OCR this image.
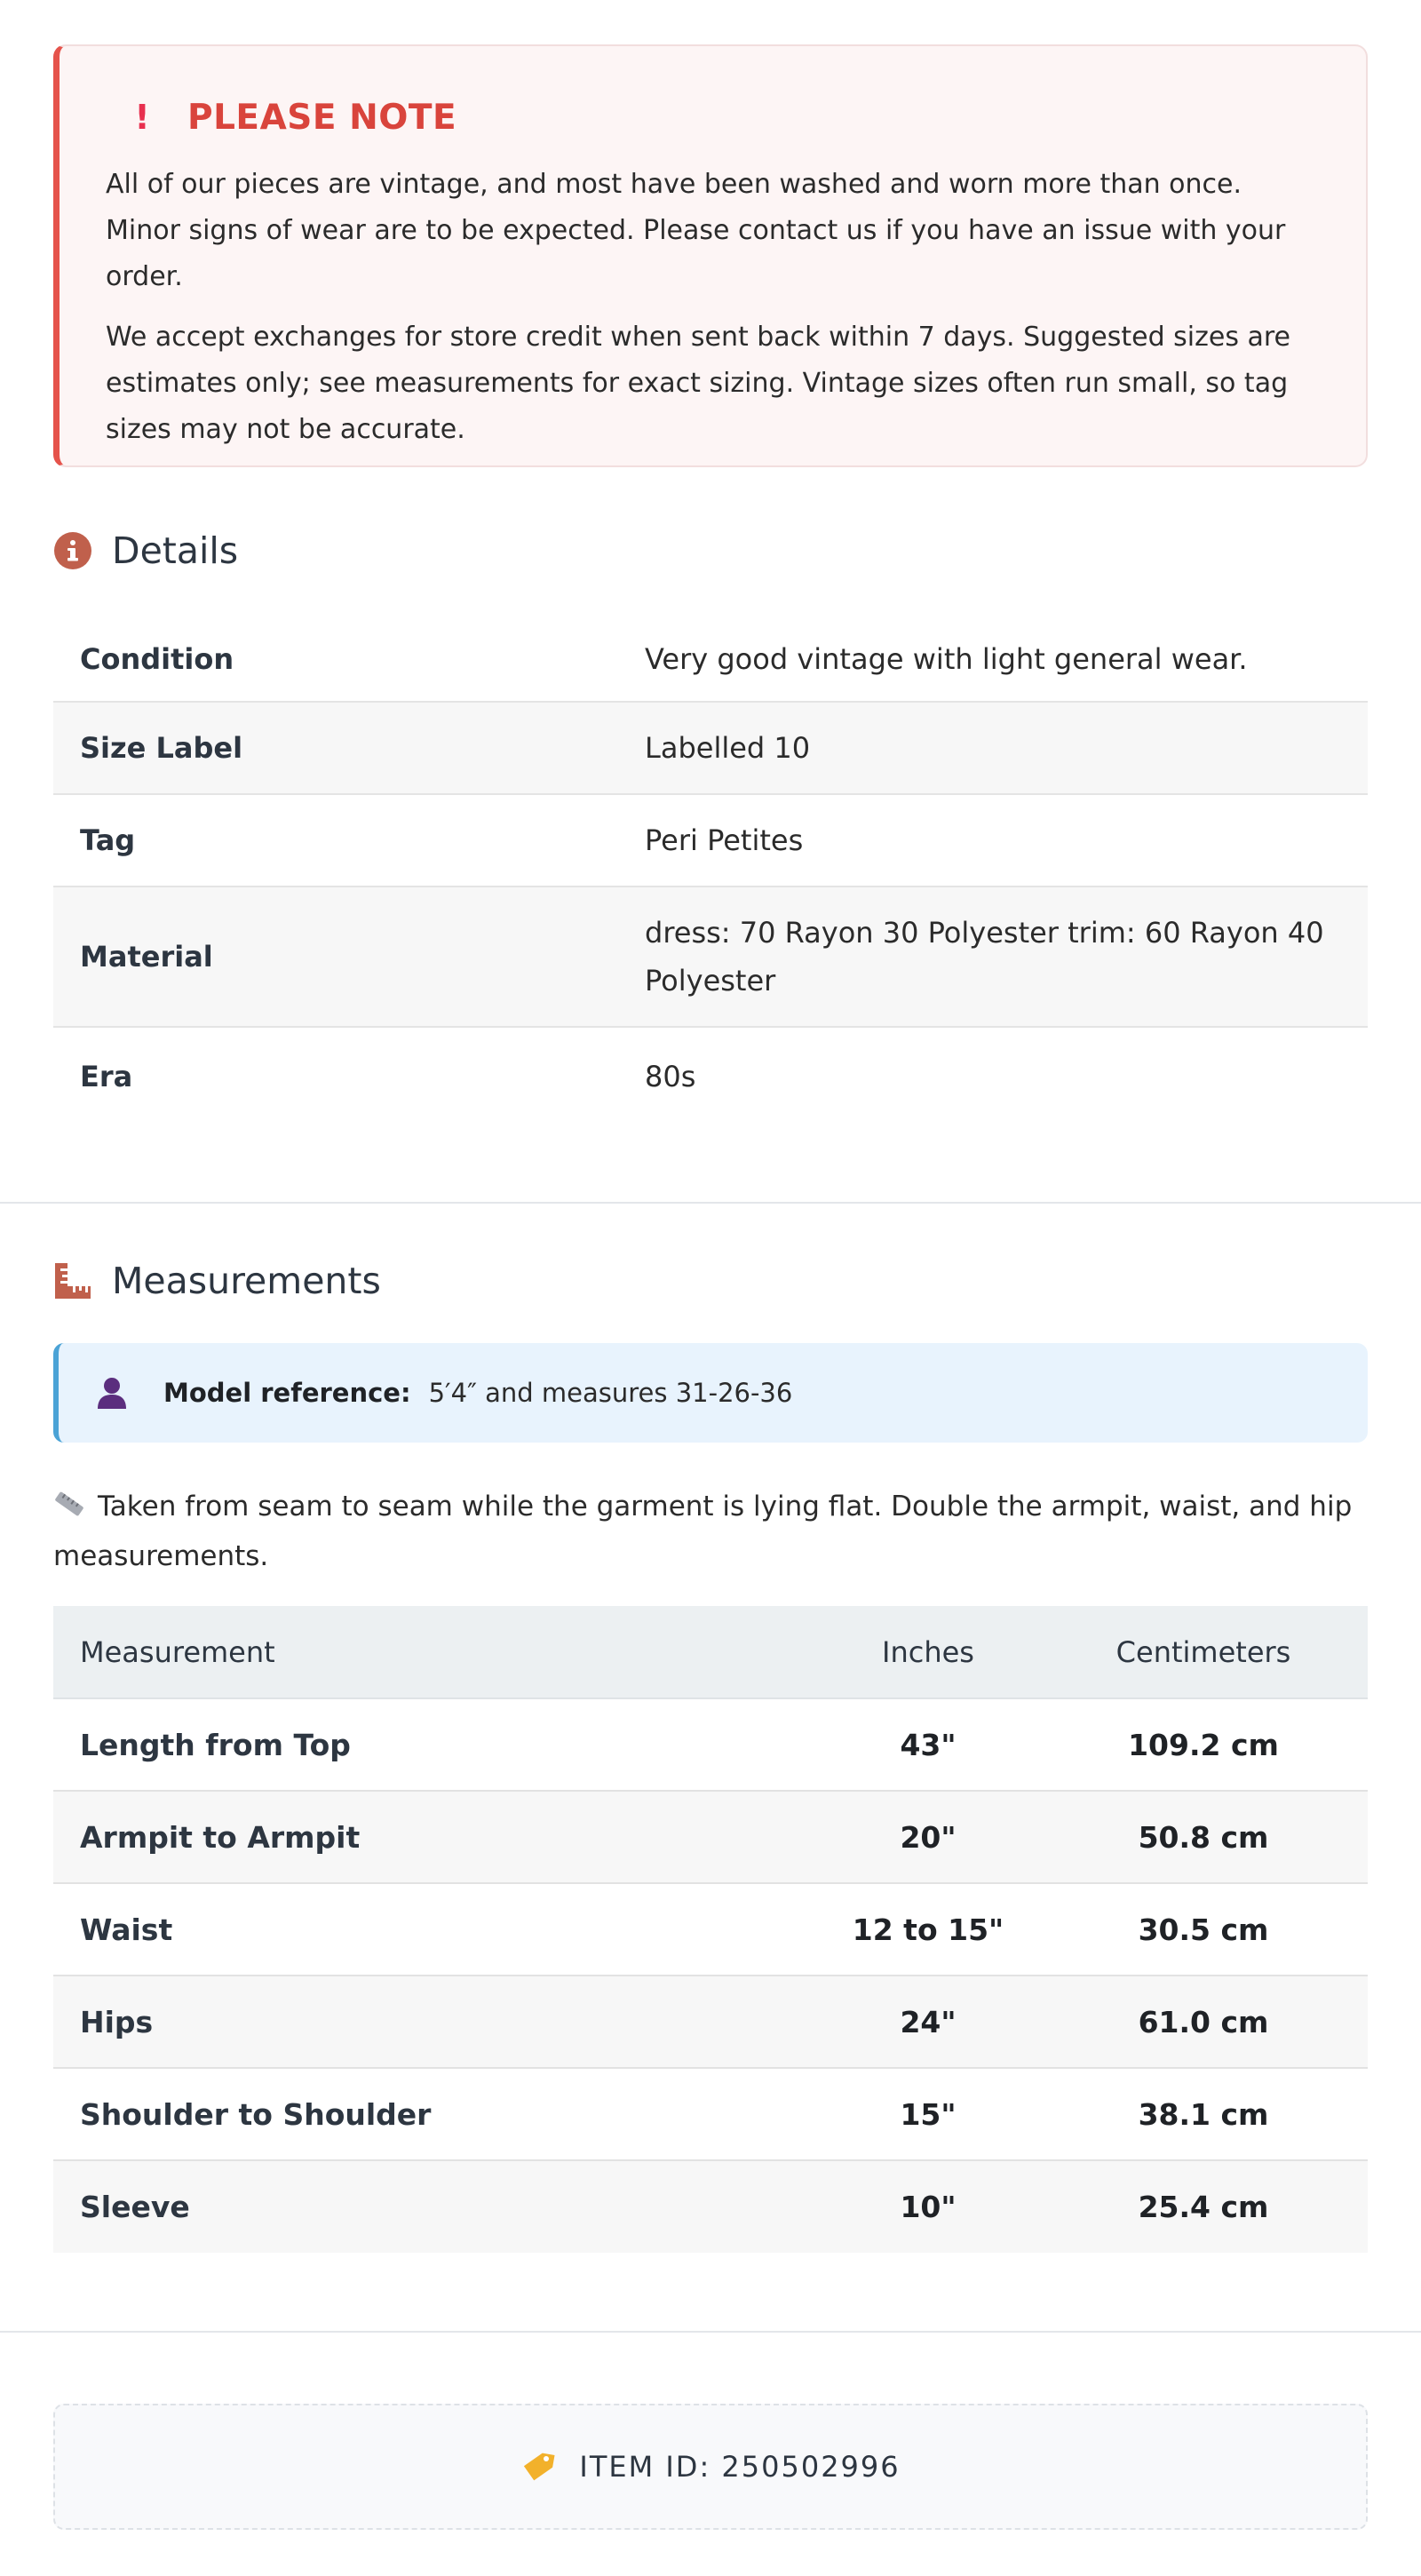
! PLEASE NOTE

All of our pieces are vintage, and most have been washed and worn more than once. Minor signs of wear are to be expected. Please contact us if you have an issue with your order.

We accept exchanges for store credit when sent back within 7 days. Suggested sizes are estimates only; see measurements for exact sizing. Vintage sizes often run small, so tag sizes may not be accurate.

Details
Condition	Very good vintage with light general wear.
Size Label	Labelled 10
Tag	Peri Petites
Material	dress: 70 Rayon 30 Polyester trim: 60 Rayon 40 Polyester
Era	80s
Measurements
Model reference: 5′4″ and measures 31-26-36
Taken from seam to seam while the garment is lying flat. Double the armpit, waist, and hip measurements.
Measurement	Inches	Centimeters
Length from Top	43"	109.2 cm
Armpit to Armpit	20"	50.8 cm
Waist	12 to 15"	30.5 cm
Hips	24"	61.0 cm
Shoulder to Shoulder	15"	38.1 cm
Sleeve	10"	25.4 cm
ITEM ID: 250502996
